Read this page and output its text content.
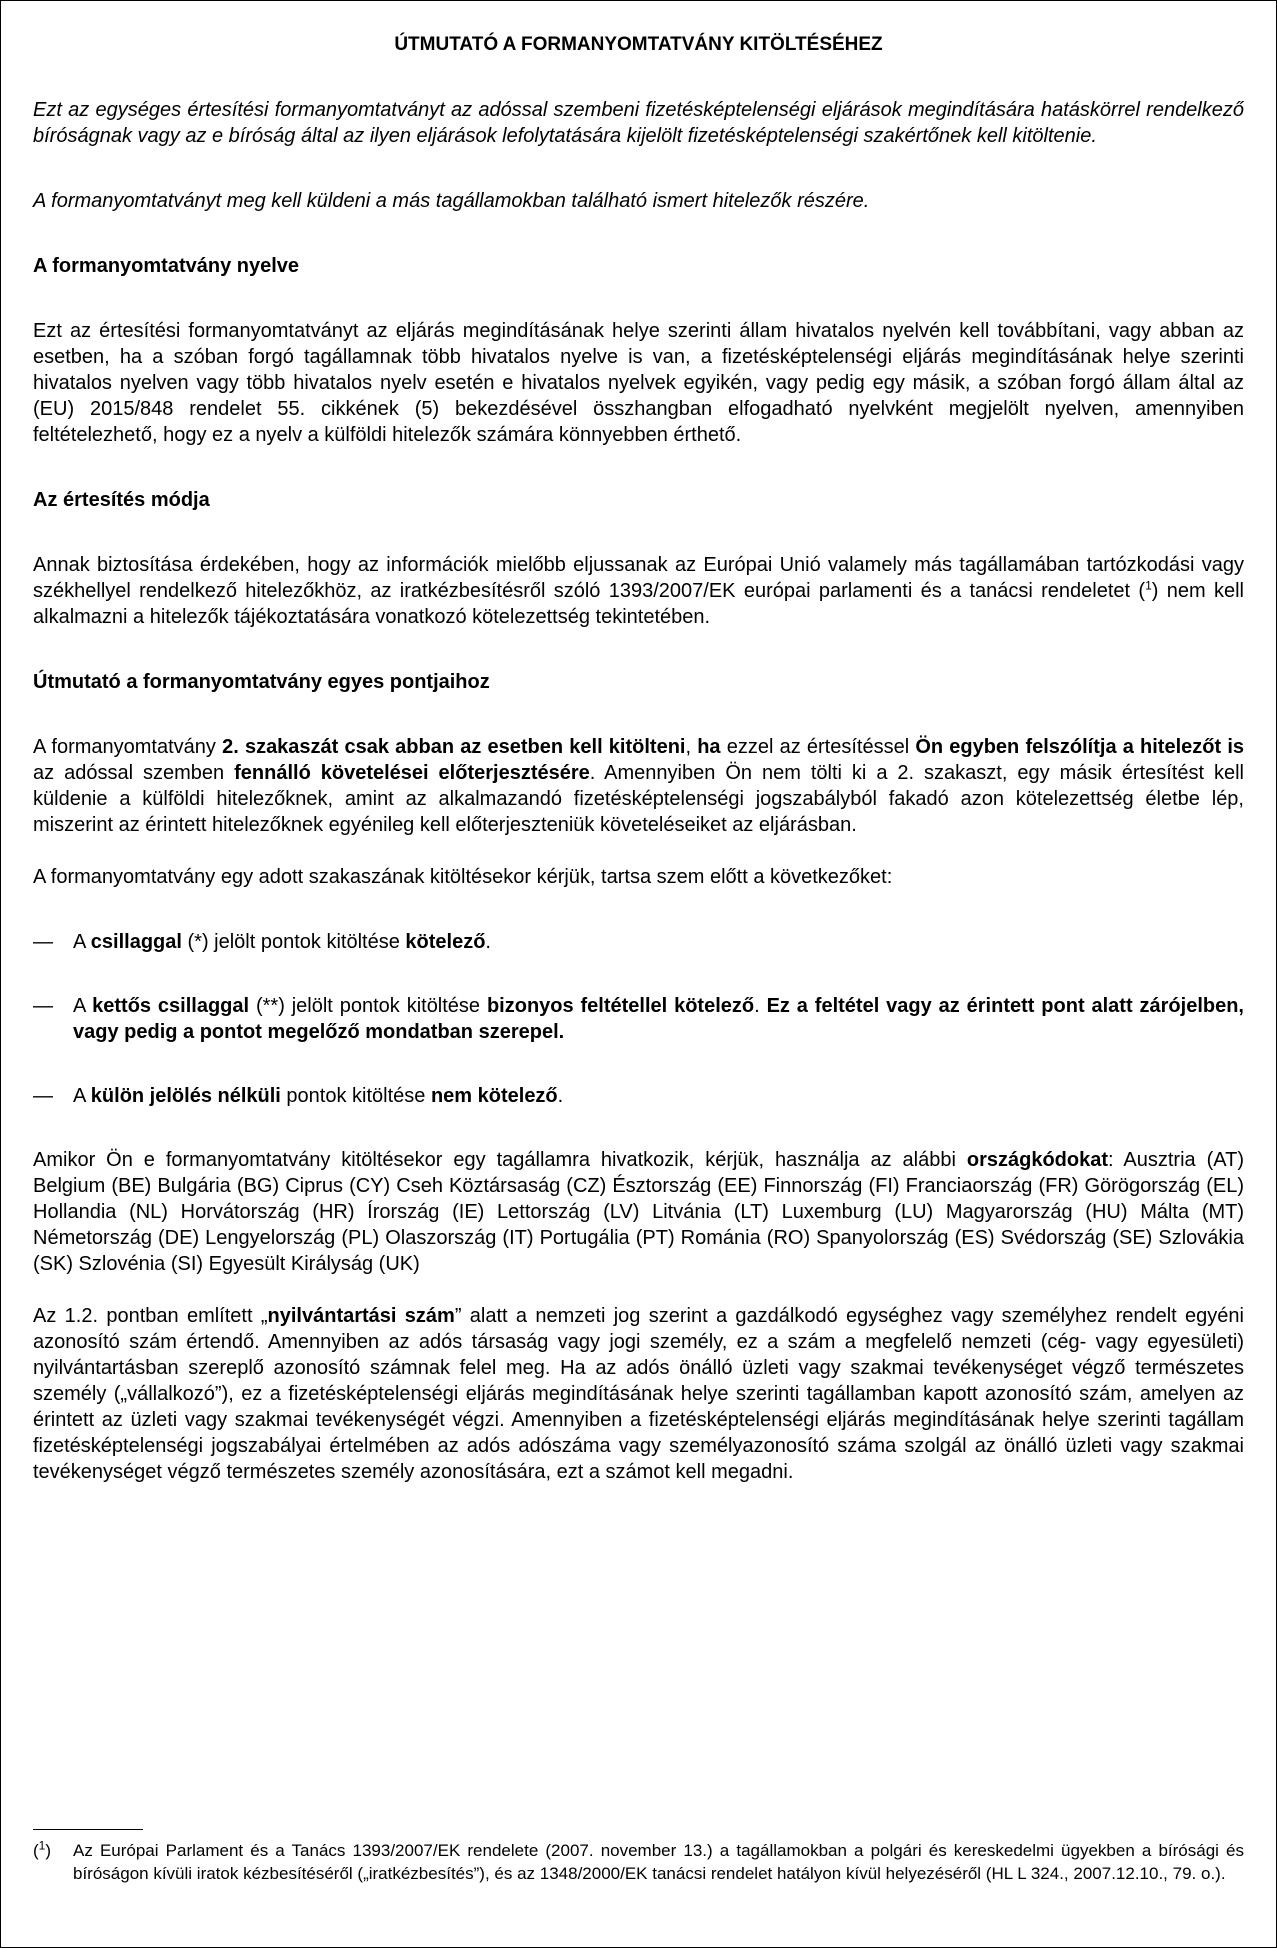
ÚTMUTATÓ A FORMANYOMTATVÁNY KITÖLTÉSÉHEZ
Ezt az egységes értesítési formanyomtatványt az adóssal szembeni fizetésképtelenségi eljárások megindítására hatáskörrel rendelkező bíróságnak vagy az e bíróság által az ilyen eljárások lefolytatására kijelölt fizetésképtelenségi szakértőnek kell kitöltenie.
A formanyomtatványt meg kell küldeni a más tagállamokban található ismert hitelezők részére.
A formanyomtatvány nyelve
Ezt az értesítési formanyomtatványt az eljárás megindításának helye szerinti állam hivatalos nyelvén kell továbbítani, vagy abban az esetben, ha a szóban forgó tagállamnak több hivatalos nyelve is van, a fizetésképtelenségi eljárás megindításának helye szerinti hivatalos nyelven vagy több hivatalos nyelv esetén e hivatalos nyelvek egyikén, vagy pedig egy másik, a szóban forgó állam által az (EU) 2015/848 rendelet 55. cikkének (5) bekezdésével összhangban elfogadható nyelvként megjelölt nyelven, amennyiben feltételezhető, hogy ez a nyelv a külföldi hitelezők számára könnyebben érthető.
Az értesítés módja
Annak biztosítása érdekében, hogy az információk mielőbb eljussanak az Európai Unió valamely más tagállamában tartózkodási vagy székhellyel rendelkező hitelezőkhöz, az iratkézbesítésről szóló 1393/2007/EK európai parlamenti és a tanácsi rendeletet ($^1$) nem kell alkalmazni a hitelezők tájékoztatására vonatkozó kötelezettség tekintetében.
Útmutató a formanyomtatvány egyes pontjaihoz
A formanyomtatvány 2. szakaszát csak abban az esetben kell kitölteni, ha ezzel az értesítéssel Ön egyben felszólítja a hitelezőt is az adóssal szemben fennálló követelései előterjesztésére. Amennyiben Ön nem tölti ki a 2. szakaszt, egy másik értesítést kell küldenie a külföldi hitelezőknek, amint az alkalmazandó fizetésképtelenségi jogszabályból fakadó azon kötelezettség életbe lép, miszerint az érintett hitelezőknek egyénileg kell előterjeszteniük követeléseiket az eljárásban.
A formanyomtatvány egy adott szakaszának kitöltésekor kérjük, tartsa szem előtt a következőket:
—	A csillaggal (*) jelölt pontok kitöltése kötelező.
—	A kettős csillaggal (**) jelölt pontok kitöltése bizonyos feltétellel kötelező. Ez a feltétel vagy az érintett pont alatt zárójelben, vagy pedig a pontot megelőző mondatban szerepel.
—	A külön jelölés nélküli pontok kitöltése nem kötelező.
Amikor Ön e formanyomtatvány kitöltésekor egy tagállamra hivatkozik, kérjük, használja az alábbi országkódokat: Ausztria (AT) Belgium (BE) Bulgária (BG) Ciprus (CY) Cseh Köztársaság (CZ) Észtország (EE) Finnország (FI) Franciaország (FR) Görögország (EL) Hollandia (NL) Horvátország (HR) Írország (IE) Lettország (LV) Litvánia (LT) Luxemburg (LU) Magyarország (HU) Málta (MT) Németország (DE) Lengyelország (PL) Olaszország (IT) Portugália (PT) Románia (RO) Spanyolország (ES) Svédország (SE) Szlovákia (SK) Szlovénia (SI) Egyesült Királyság (UK)
Az 1.2. pontban említett „nyilvántartási szám” alatt a nemzeti jog szerint a gazdálkodó egységhez vagy személyhez rendelt egyéni azonosító szám értendő. Amennyiben az adós társaság vagy jogi személy, ez a szám a megfelelő nemzeti (cég- vagy egyesületi) nyilvántartásban szereplő azonosító számnak felel meg. Ha az adós önálló üzleti vagy szakmai tevékenységet végző természetes személy („vállalkozó”), ez a fizetésképtelenségi eljárás megindításának helye szerinti tagállamban kapott azonosító szám, amelyen az érintett az üzleti vagy szakmai tevékenységét végzi. Amennyiben a fizetésképtelenségi eljárás megindításának helye szerinti tagállam fizetésképtelenségi jogszabályai értelmében az adós adószáma vagy személyazonosító száma szolgál az önálló üzleti vagy szakmai tevékenységet végző természetes személy azonosítására, ezt a számot kell megadni.
($^1$)	Az Európai Parlament és a Tanács 1393/2007/EK rendelete (2007. november 13.) a tagállamokban a polgári és kereskedelmi ügyekben a bírósági és bíróságon kívüli iratok kézbesítéséről („iratkézbesítés”), és az 1348/2000/EK tanácsi rendelet hatályon kívül helyezéséről (HL L 324., 2007.12.10., 79. o.).
